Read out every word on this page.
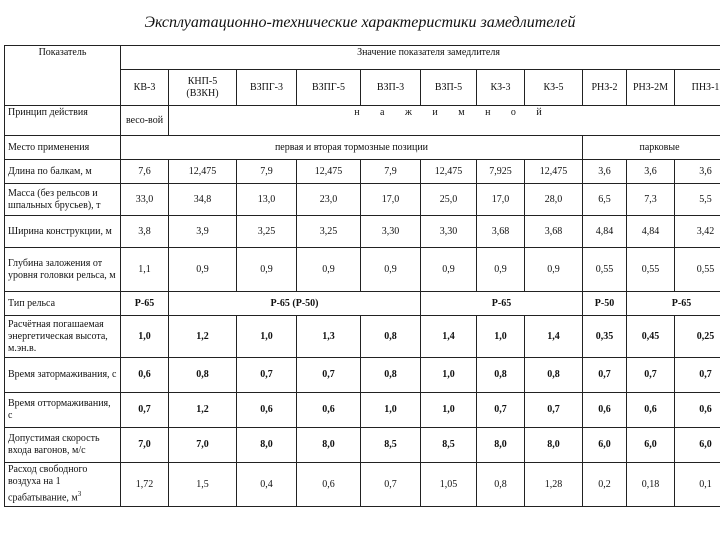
Эксплуатационно-технические характеристики замедлителей
Показатель	Значение показателя замедлителя										
	КВ-3	КНП-5 (ВЗКН)	ВЗПГ-3	ВЗПГ-5	ВЗП-3	ВЗП-5	КЗ-3	КЗ-5	РНЗ-2	РНЗ-2М	ПНЗ-1
Принцип действия	весо-вой	н а ж и м н о й									
Место применения	первая и вторая тормозные позиции								парковые		
Длина по балкам, м	7,6	12,475	7,9	12,475	7,9	12,475	7,925	12,475	3,6	3,6	3,6
Масса (без рельсов и шпальных брусьев), т	33,0	34,8	13,0	23,0	17,0	25,0	17,0	28,0	6,5	7,3	5,5
Ширина конструкции, м	3,8	3,9	3,25	3,25	3,30	3,30	3,68	3,68	4,84	4,84	3,42
Глубина заложения от уровня головки рельса, м	1,1	0,9	0,9	0,9	0,9	0,9	0,9	0,9	0,55	0,55	0,55
Тип рельса	Р-65	Р-65 (Р-50)				Р-65			Р-50	Р-65	
Расчётная погашаемая энергетическая высота, м.эн.в.	1,0	1,2	1,0	1,3	0,8	1,4	1,0	1,4	0,35	0,45	0,25
Время затормаживания, с	0,6	0,8	0,7	0,7	0,8	1,0	0,8	0,8	0,7	0,7	0,7
Время оттормаживания, с	0,7	1,2	0,6	0,6	1,0	1,0	0,7	0,7	0,6	0,6	0,6
Допустимая скорость входа вагонов, м/с	7,0	7,0	8,0	8,0	8,5	8,5	8,0	8,0	6,0	6,0	6,0
Расход свободного воздуха на 1 срабатывание, $м^3$	1,72	1,5	0,4	0,6	0,7	1,05	0,8	1,28	0,2	0,18	0,1
